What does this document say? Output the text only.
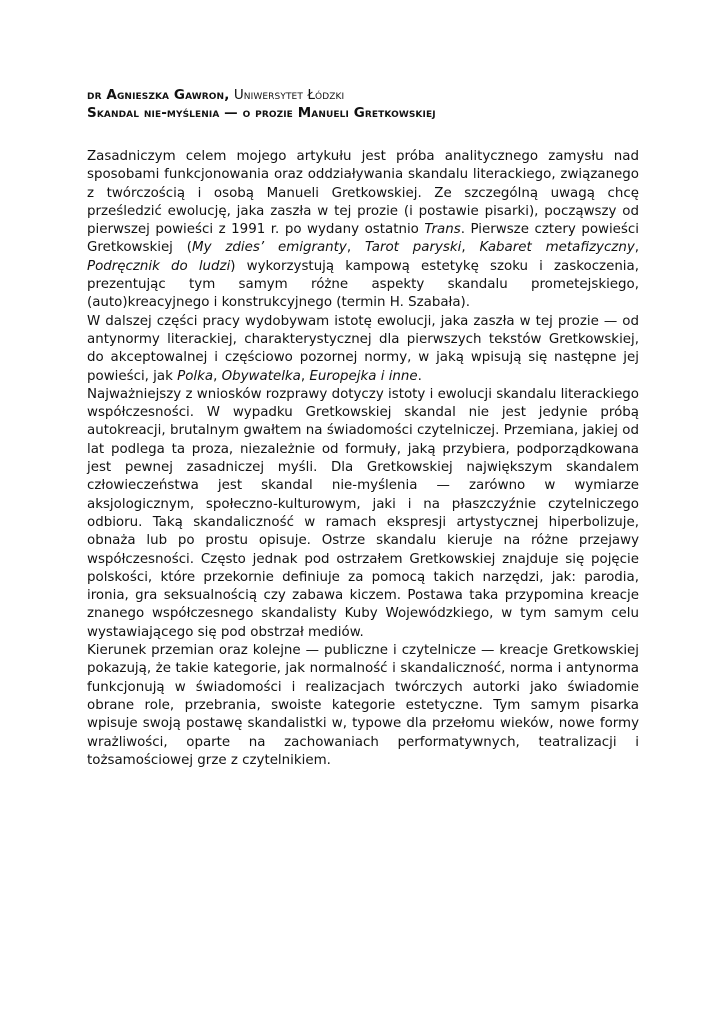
dr Agnieszka Gawron, Uniwersytet Łódzki
Skandal nie-myślenia — o prozie Manueli Gretkowskiej

Zasadniczym celem mojego artykułu jest próba analitycznego zamysłu nad sposobami funkcjonowania oraz oddziaływania skandalu literackiego, związanego z twórczością i osobą Manueli Gretkowskiej. Ze szczególną uwagą chcę prześledzić ewolucję, jaka zaszła w tej prozie (i postawie pisarki), począwszy od pierwszej powieści z 1991 r. po wydany ostatnio Trans. Pierwsze cztery powieści Gretkowskiej (My zdies’ emigranty, Tarot paryski, Kabaret metafizyczny, Podręcznik do ludzi) wykorzystują kampową estetykę szoku i zaskoczenia, prezentując tym samym różne aspekty skandalu prometejskiego, (auto)kreacyjnego i konstrukcyjnego (termin H. Szabała).

W dalszej części pracy wydobywam istotę ewolucji, jaka zaszła w tej prozie — od antynormy literackiej, charakterystycznej dla pierwszych tekstów Gretkowskiej, do akceptowalnej i częściowo pozornej normy, w jaką wpisują się następne jej powieści, jak Polka, Obywatelka, Europejka i inne.

Najważniejszy z wniosków rozprawy dotyczy istoty i ewolucji skandalu literackiego współczesności. W wypadku Gretkowskiej skandal nie jest jedynie próbą autokreacji, brutalnym gwałtem na świadomości czytelniczej. Przemiana, jakiej od lat podlega ta proza, niezależnie od formuły, jaką przybiera, podporządkowana jest pewnej zasadniczej myśli. Dla Gretkowskiej największym skandalem człowieczeństwa jest skandal nie-myślenia — zarówno w wymiarze aksjologicznym, społeczno-kulturowym, jaki i na płaszczyźnie czytelniczego odbioru. Taką skandaliczność w ramach ekspresji artystycznej hiperbolizuje, obnaża lub po prostu opisuje. Ostrze skandalu kieruje na różne przejawy współczesności. Często jednak pod ostrzałem Gretkowskiej znajduje się pojęcie polskości, które przekornie definiuje za pomocą takich narzędzi, jak: parodia, ironia, gra seksualnością czy zabawa kiczem. Postawa taka przypomina kreacje znanego współczesnego skandalisty Kuby Wojewódzkiego, w tym samym celu wystawiającego się pod obstrzał mediów.

Kierunek przemian oraz kolejne — publiczne i czytelnicze — kreacje Gretkowskiej pokazują, że takie kategorie, jak normalność i skandaliczność, norma i antynorma funkcjonują w świadomości i realizacjach twórczych autorki jako świadomie obrane role, przebrania, swoiste kategorie estetyczne. Tym samym pisarka wpisuje swoją postawę skandalistki w, typowe dla przełomu wieków, nowe formy wrażliwości, oparte na zachowaniach performatywnych, teatralizacji i tożsamościowej grze z czytelnikiem.
